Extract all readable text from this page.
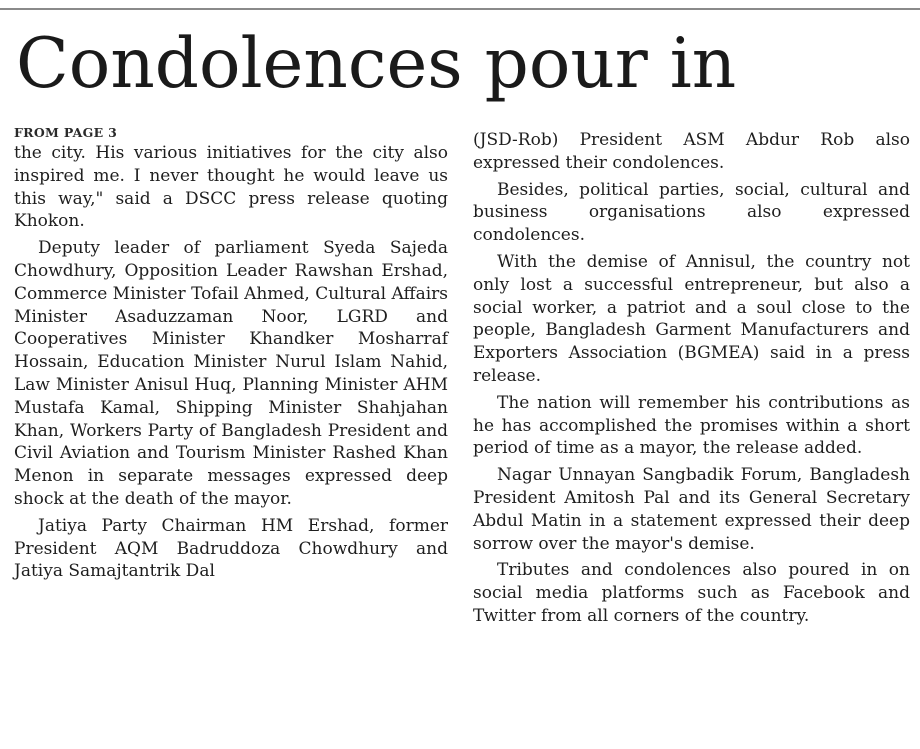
Condolences pour in

FROM PAGE 3

the city. His various initiatives for the city also inspired me. I never thought he would leave us this way," said a DSCC press release quoting Khokon.

Deputy leader of parliament Syeda Sajeda Chowdhury, Opposition Leader Rawshan Ershad, Commerce Minister Tofail Ahmed, Cultural Affairs Minister Asaduzzaman Noor, LGRD and Cooperatives Minister Khandker Mosharraf Hossain, Education Minister Nurul Islam Nahid, Law Minister Anisul Huq, Planning Minister AHM Mustafa Kamal, Shipping Minister Shahjahan Khan, Workers Party of Bangladesh President and Civil Aviation and Tourism Minister Rashed Khan Menon in separate messages expressed deep shock at the death of the mayor.

Jatiya Party Chairman HM Ershad, former President AQM Badruddoza Chowdhury and Jatiya Samajtantrik Dal

(JSD-Rob) President ASM Abdur Rob also expressed their condolences.

Besides, political parties, social, cultural and business organisations also expressed condolences.

With the demise of Annisul, the country not only lost a successful entrepreneur, but also a social worker, a patriot and a soul close to the people, Bangladesh Garment Manufacturers and Exporters Association (BGMEA) said in a press release.

The nation will remember his contributions as he has accomplished the promises within a short period of time as a mayor, the release added.

Nagar Unnayan Sangbadik Forum, Bangladesh President Amitosh Pal and its General Secretary Abdul Matin in a statement expressed their deep sorrow over the mayor's demise.

Tributes and condolences also poured in on social media platforms such as Facebook and Twitter from all corners of the country.
